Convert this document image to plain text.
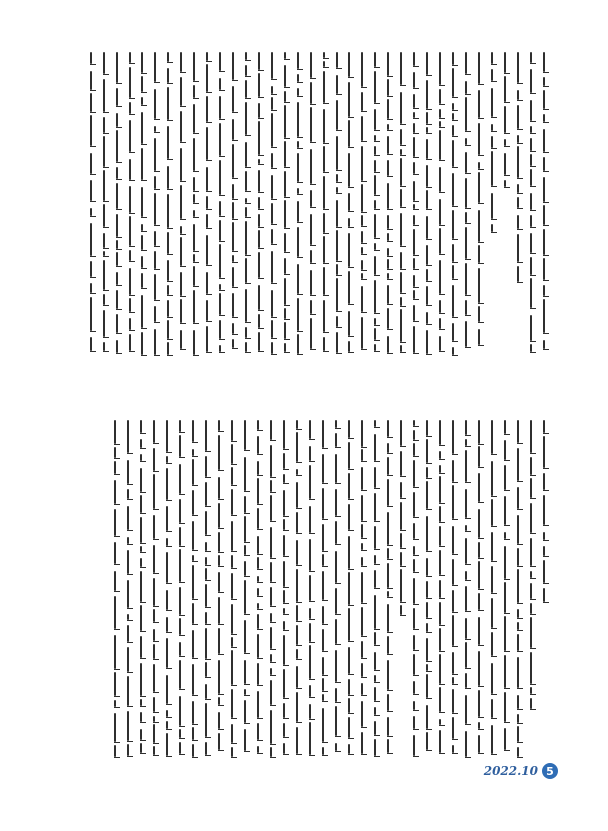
2022.10 5
